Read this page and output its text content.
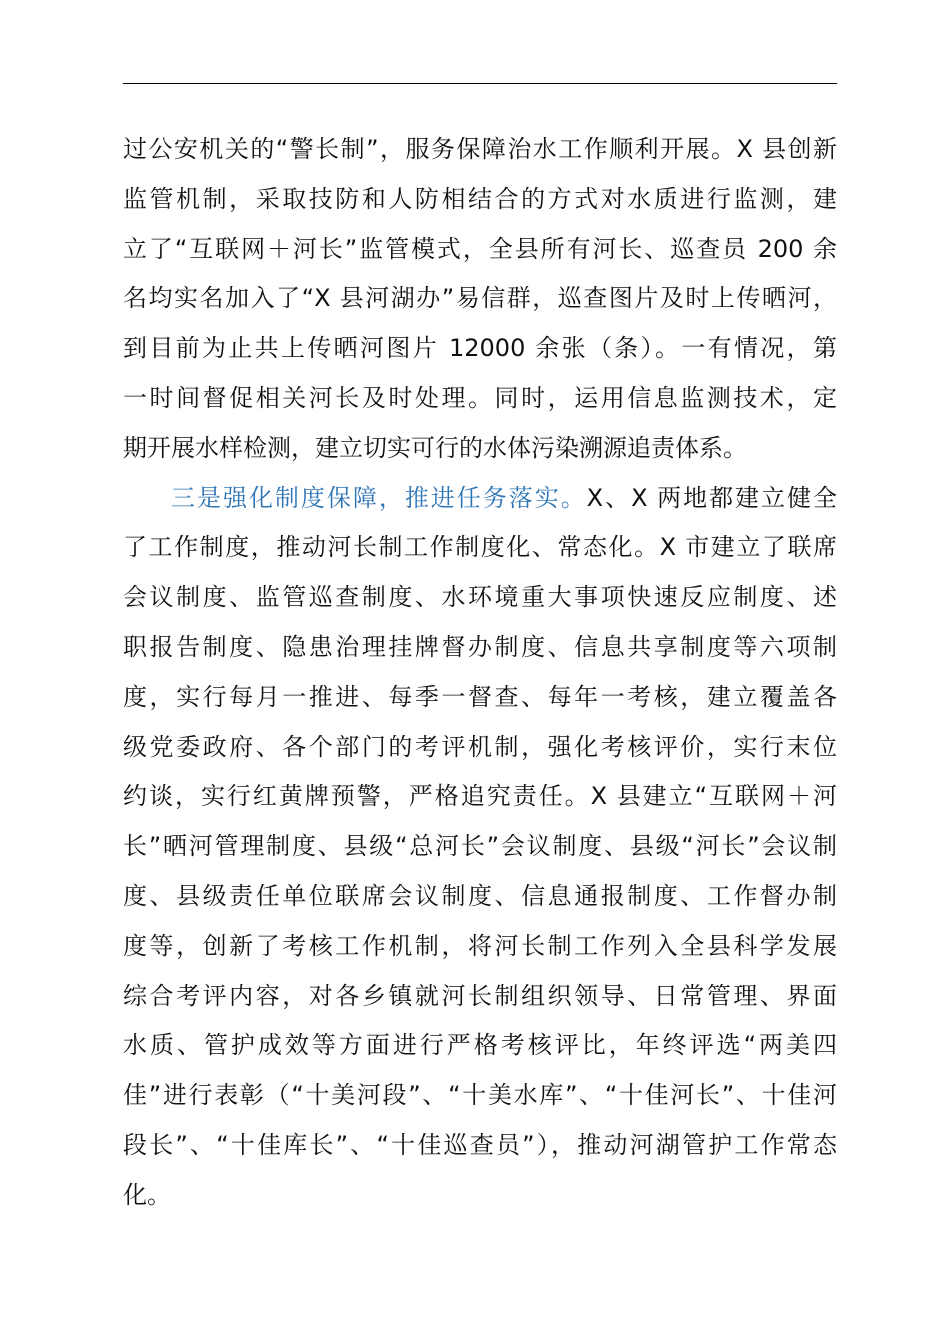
过公安机关的“警长制”，服务保障治水工作顺利开展。X 县创新
监管机制，采取技防和人防相结合的方式对水质进行监测，建
立了“互联网＋河长”监管模式，全县所有河长、巡查员 200 余
名均实名加入了“X 县河湖办”易信群，巡查图片及时上传晒河，
到目前为止共上传晒河图片 12000 余张（条）。一有情况，第
一时间督促相关河长及时处理。同时，运用信息监测技术，定
期开展水样检测，建立切实可行的水体污染溯源追责体系。

三是强化制度保障，推进任务落实。X、X 两地都建立健全
了工作制度，推动河长制工作制度化、常态化。X 市建立了联席
会议制度、监管巡查制度、水环境重大事项快速反应制度、述
职报告制度、隐患治理挂牌督办制度、信息共享制度等六项制
度，实行每月一推进、每季一督查、每年一考核，建立覆盖各
级党委政府、各个部门的考评机制，强化考核评价，实行末位
约谈，实行红黄牌预警，严格追究责任。X 县建立“互联网＋河
长”晒河管理制度、县级“总河长”会议制度、县级“河长”会议制
度、县级责任单位联席会议制度、信息通报制度、工作督办制
度等，创新了考核工作机制，将河长制工作列入全县科学发展
综合考评内容，对各乡镇就河长制组织领导、日常管理、界面
水质、管护成效等方面进行严格考核评比，年终评选“两美四
佳”进行表彰（“十美河段”、“十美水库”、“十佳河长”、十佳河
段长”、“十佳库长”、“十佳巡查员”），推动河湖管护工作常态
化。
